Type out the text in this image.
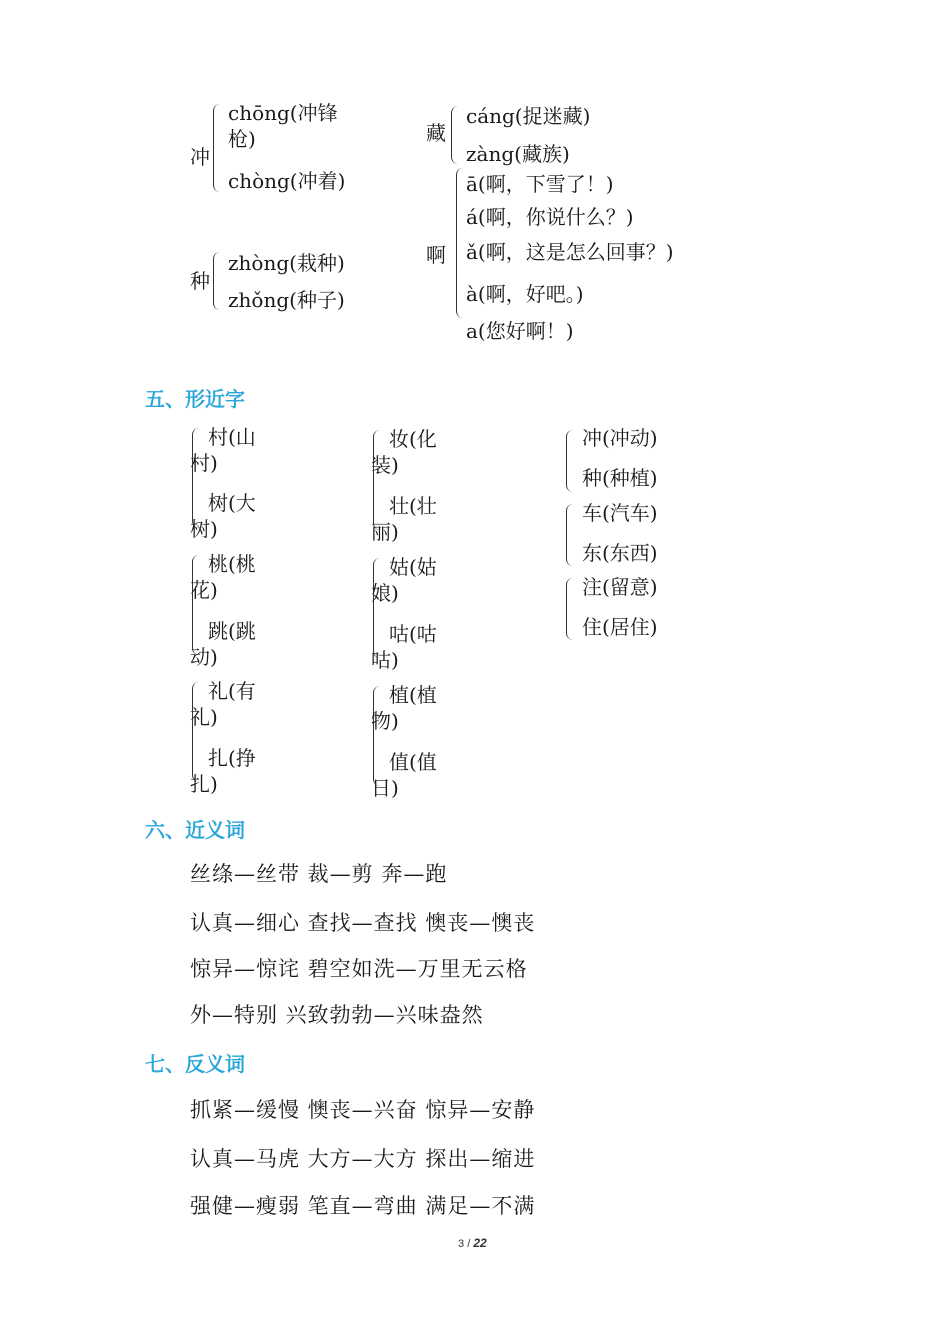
冲
chōng(冲锋枪)
chòng(冲着)
种
zhòng(栽种)
zhǒng(种子)
藏
cáng(捉迷藏)
zàng(藏族)
啊
ā(啊，下雪了！)
á(啊，你说什么？)
ǎ(啊，这是怎么回事？)
à(啊，好吧。)
a(您好啊！)
五、形近字
村(山村)
树(大树)
桃(桃花)
跳(跳动)
礼(有礼)
扎(挣扎)
妆(化装)
壮(壮丽)
姑(姑娘)
咕(咕咕)
植(植物)
值(值日)
冲(冲动)
种(种植)
车(汽车)
东(东西)
注(留意)
住(居住)
六、近义词
丝绦—丝带 裁—剪 奔—跑
认真—细心 查找—查找 懊丧—懊丧
惊异—惊诧 碧空如洗—万里无云格
外—特别 兴致勃勃—兴味盎然
七、反义词
抓紧—缓慢 懊丧—兴奋 惊异—安静
认真—马虎 大方—大方 探出—缩进
强健—瘦弱 笔直—弯曲 满足—不满
3 / 22
